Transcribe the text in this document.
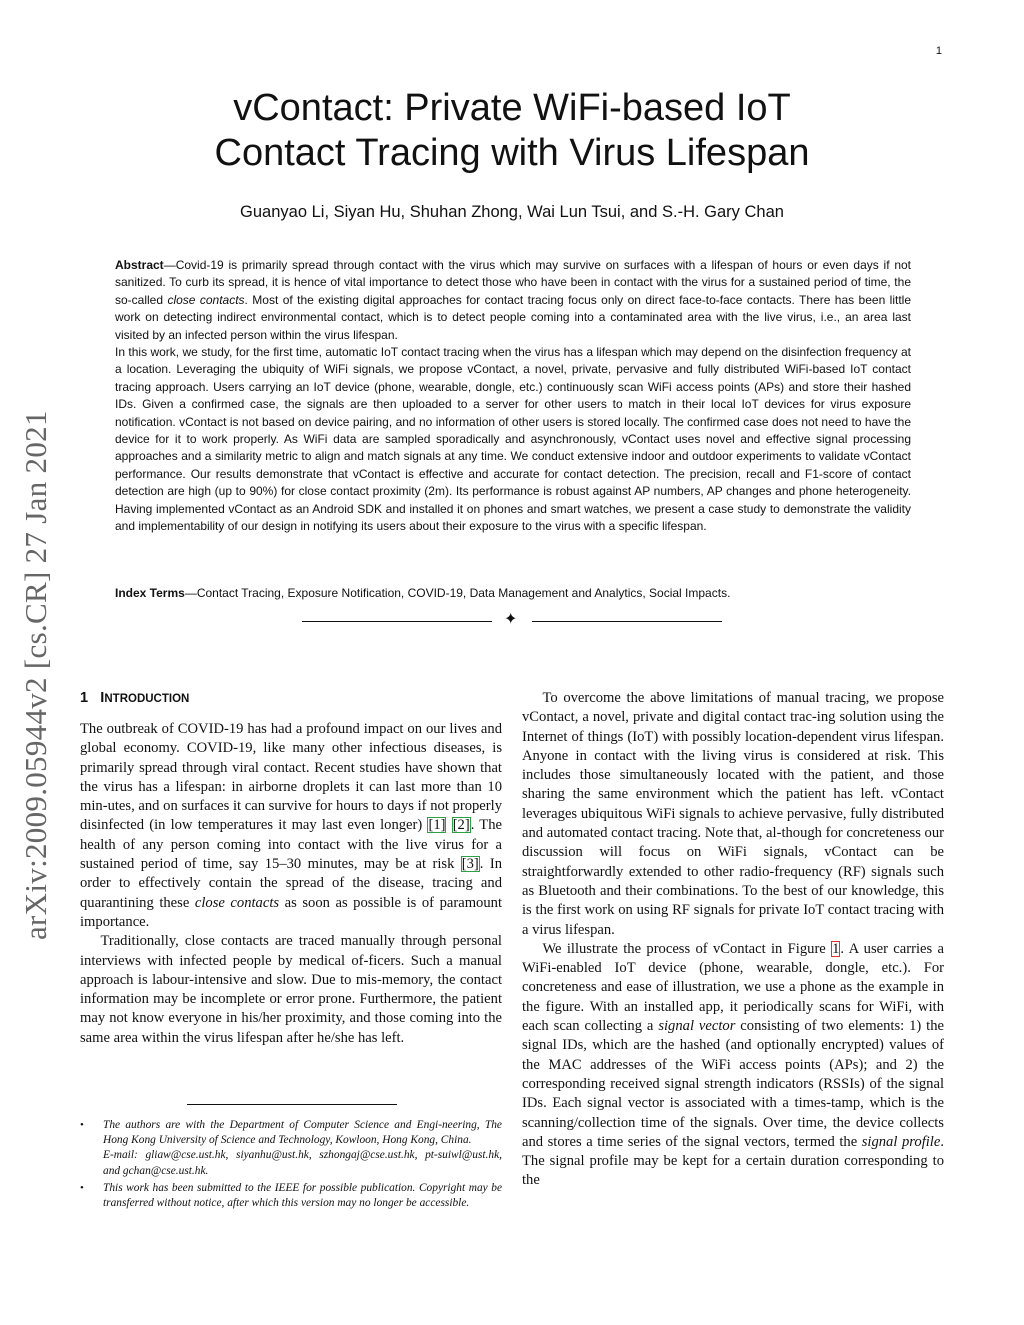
1
vContact: Private WiFi-based IoT
Contact Tracing with Virus Lifespan
Guanyao Li, Siyan Hu, Shuhan Zhong, Wai Lun Tsui, and S.-H. Gary Chan

Abstract—Covid-19 is primarily spread through contact with the virus which may survive on surfaces with a lifespan of hours or even days if not sanitized. To curb its spread, it is hence of vital importance to detect those who have been in contact with the virus for a sustained period of time, the so-called close contacts. Most of the existing digital approaches for contact tracing focus only on direct face-to-face contacts. There has been little work on detecting indirect environmental contact, which is to detect people coming into a contaminated area with the live virus, i.e., an area last visited by an infected person within the virus lifespan.

In this work, we study, for the first time, automatic IoT contact tracing when the virus has a lifespan which may depend on the disinfection frequency at a location. Leveraging the ubiquity of WiFi signals, we propose vContact, a novel, private, pervasive and fully distributed WiFi-based IoT contact tracing approach. Users carrying an IoT device (phone, wearable, dongle, etc.) continuously scan WiFi access points (APs) and store their hashed IDs. Given a confirmed case, the signals are then uploaded to a server for other users to match in their local IoT devices for virus exposure notification. vContact is not based on device pairing, and no information of other users is stored locally. The confirmed case does not need to have the device for it to work properly. As WiFi data are sampled sporadically and asynchronously, vContact uses novel and effective signal processing approaches and a similarity metric to align and match signals at any time. We conduct extensive indoor and outdoor experiments to validate vContact performance. Our results demonstrate that vContact is effective and accurate for contact detection. The precision, recall and F1-score of contact detection are high (up to 90%) for close contact proximity (2m). Its performance is robust against AP numbers, AP changes and phone heterogeneity. Having implemented vContact as an Android SDK and installed it on phones and smart watches, we present a case study to demonstrate the validity and implementability of our design in notifying its users about their exposure to the virus with a specific lifespan.

Index Terms—Contact Tracing, Exposure Notification, COVID-19, Data Management and Analytics, Social Impacts.
✦
arXiv:2009.05944v2 [cs.CR] 27 Jan 2021 1 INTRODUCTION

The outbreak of COVID-19 has had a profound impact on our lives and global economy. COVID-19, like many other infectious diseases, is primarily spread through viral contact. Recent studies have shown that the virus has a lifespan: in airborne droplets it can last more than 10 min-utes, and on surfaces it can survive for hours to days if not properly disinfected (in low temperatures it may last even longer) [1] [2]. The health of any person coming into contact with the live virus for a sustained period of time, say 15–30 minutes, may be at risk [3]. In order to effectively contain the spread of the disease, tracing and quarantining these close contacts as soon as possible is of paramount importance.

Traditionally, close contacts are traced manually through personal interviews with infected people by medical of-ficers. Such a manual approach is labour-intensive and slow. Due to mis-memory, the contact information may be incomplete or error prone. Furthermore, the patient may not know everyone in his/her proximity, and those coming into the same area within the virus lifespan after he/she has left.

To overcome the above limitations of manual tracing, we propose vContact, a novel, private and digital contact trac-ing solution using the Internet of things (IoT) with possibly location-dependent virus lifespan. Anyone in contact with the living virus is considered at risk. This includes those simultaneously located with the patient, and those sharing the same environment which the patient has left. vContact leverages ubiquitous WiFi signals to achieve pervasive, fully distributed and automated contact tracing. Note that, al-though for concreteness our discussion will focus on WiFi signals, vContact can be straightforwardly extended to other radio-frequency (RF) signals such as Bluetooth and their combinations. To the best of our knowledge, this is the first work on using RF signals for private IoT contact tracing with a virus lifespan.

We illustrate the process of vContact in Figure 1. A user carries a WiFi-enabled IoT device (phone, wearable, dongle, etc.). For concreteness and ease of illustration, we use a phone as the example in the figure. With an installed app, it periodically scans for WiFi, with each scan collecting a signal vector consisting of two elements: 1) the signal IDs, which are the hashed (and optionally encrypted) values of the MAC addresses of the WiFi access points (APs); and 2) the corresponding received signal strength indicators (RSSIs) of the signal IDs. Each signal vector is associated with a times-tamp, which is the scanning/collection time of the signals. Over time, the device collects and stores a time series of the signal vectors, termed the signal profile. The signal profile may be kept for a certain duration corresponding to the

• The authors are with the Department of Computer Science and Engi-neering, The Hong Kong University of Science and Technology, Kowloon, Hong Kong, China.

E-mail: gliaw@cse.ust.hk, siyanhu@ust.hk, szhongaj@cse.ust.hk, pt-suiwl@ust.hk, and gchan@cse.ust.hk.

• This work has been submitted to the IEEE for possible publication. Copyright may be transferred without notice, after which this version may no longer be accessible.
